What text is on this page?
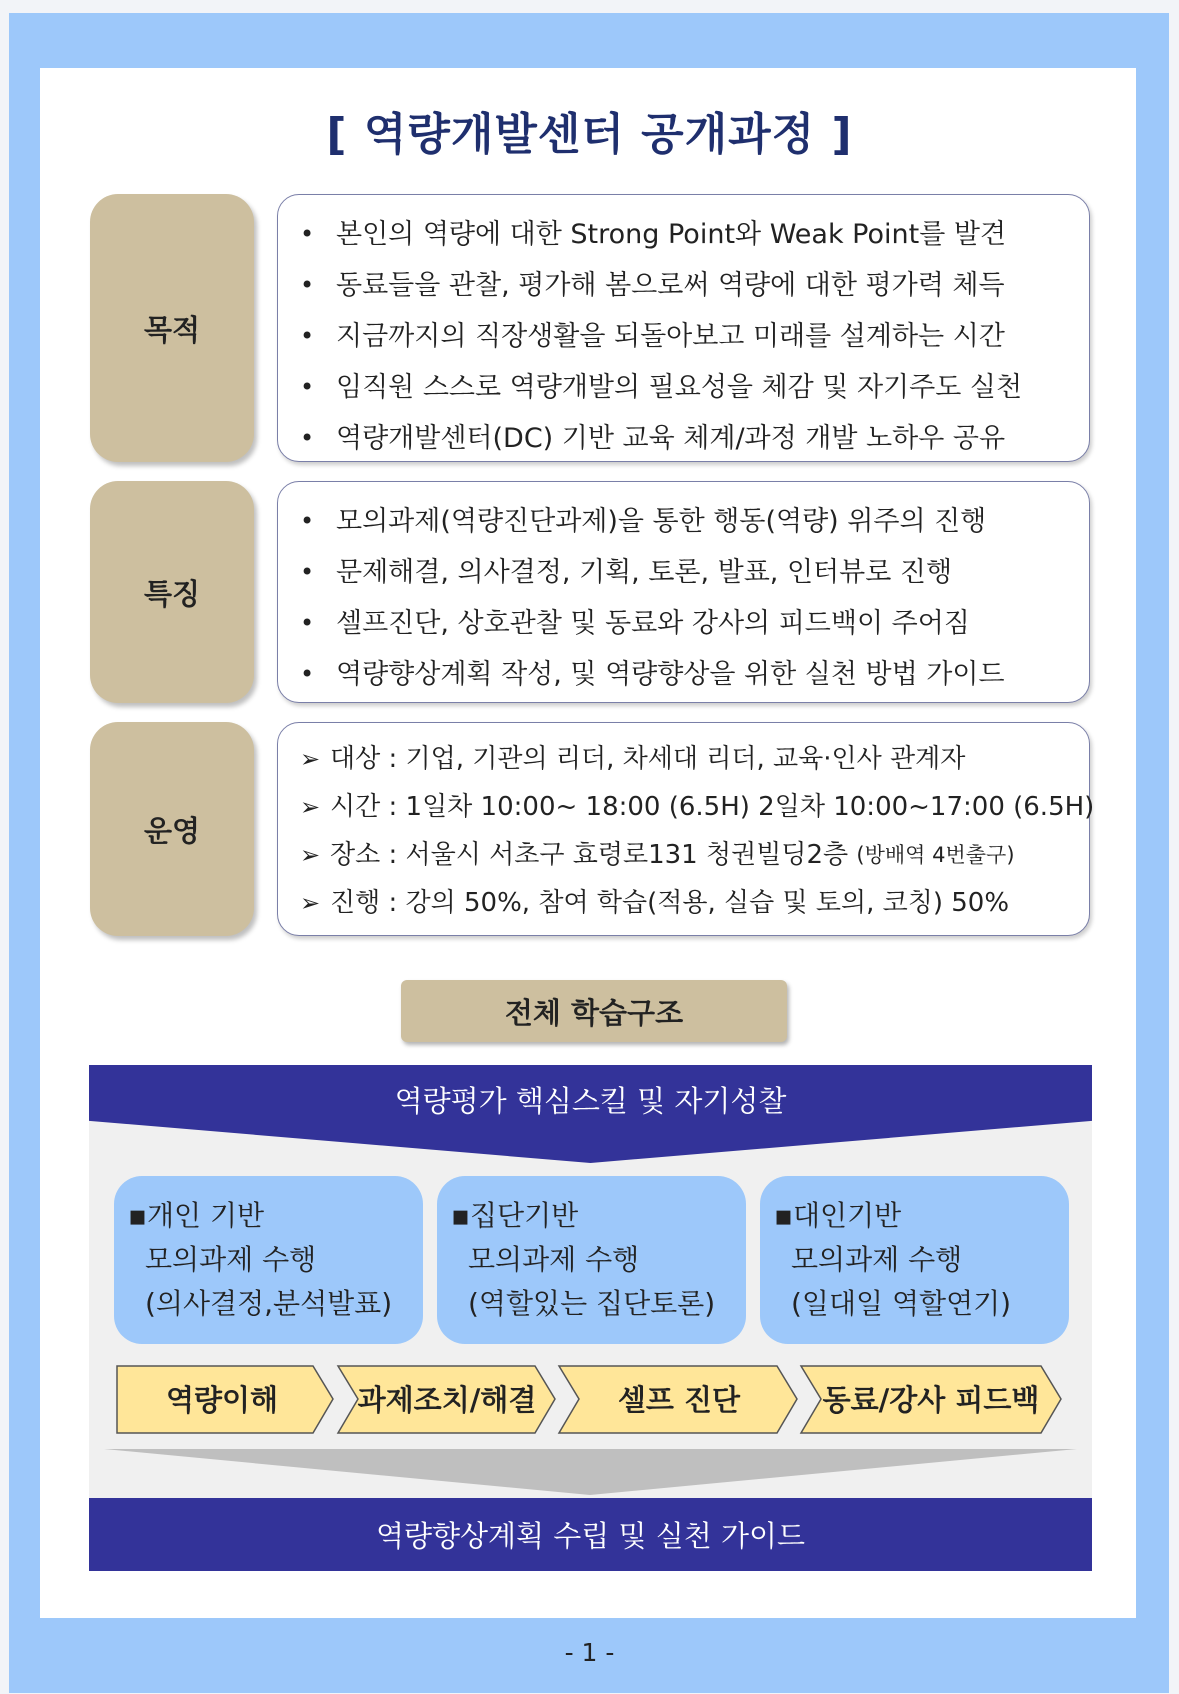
[ 역량개발센터 공개과정 ]
목적
• 본인의 역량에 대한 Strong Point와 Weak Point를 발견
• 동료들을 관찰, 평가해 봄으로써 역량에 대한 평가력 체득
• 지금까지의 직장생활을 되돌아보고 미래를 설계하는 시간
• 임직원 스스로 역량개발의 필요성을 체감 및 자기주도 실천
• 역량개발센터(DC) 기반 교육 체계/과정 개발 노하우 공유
특징
• 모의과제(역량진단과제)을 통한 행동(역량) 위주의 진행
• 문제해결, 의사결정, 기획, 토론, 발표, 인터뷰로 진행
• 셀프진단, 상호관찰 및 동료와 강사의 피드백이 주어짐
• 역량향상계획 작성, 및 역량향상을 위한 실천 방법 가이드
운영
➢ 대상 : 기업, 기관의 리더, 차세대 리더, 교육·인사 관계자
➢ 시간 : 1일차 10:00~ 18:00 (6.5H) 2일차 10:00~17:00 (6.5H)
➢ 장소 : 서울시 서초구 효령로131 청권빌딩2층
(방배역 4번출구)
➢ 진행 : 강의 50%, 참여 학습(적용, 실습 및 토의, 코칭) 50%
전체 학습구조
역량평가 핵심스킬 및 자기성찰
▪개인 기반
모의과제 수행
(의사결정,분석발표)
▪집단기반
모의과제 수행
(역할있는 집단토론)
▪대인기반
모의과제 수행
(일대일 역할연기)
역량이해	과제조치/해결	셀프 진단	동료/강사 피드백
역량향상계획 수립 및 실천 가이드
- 1 -
